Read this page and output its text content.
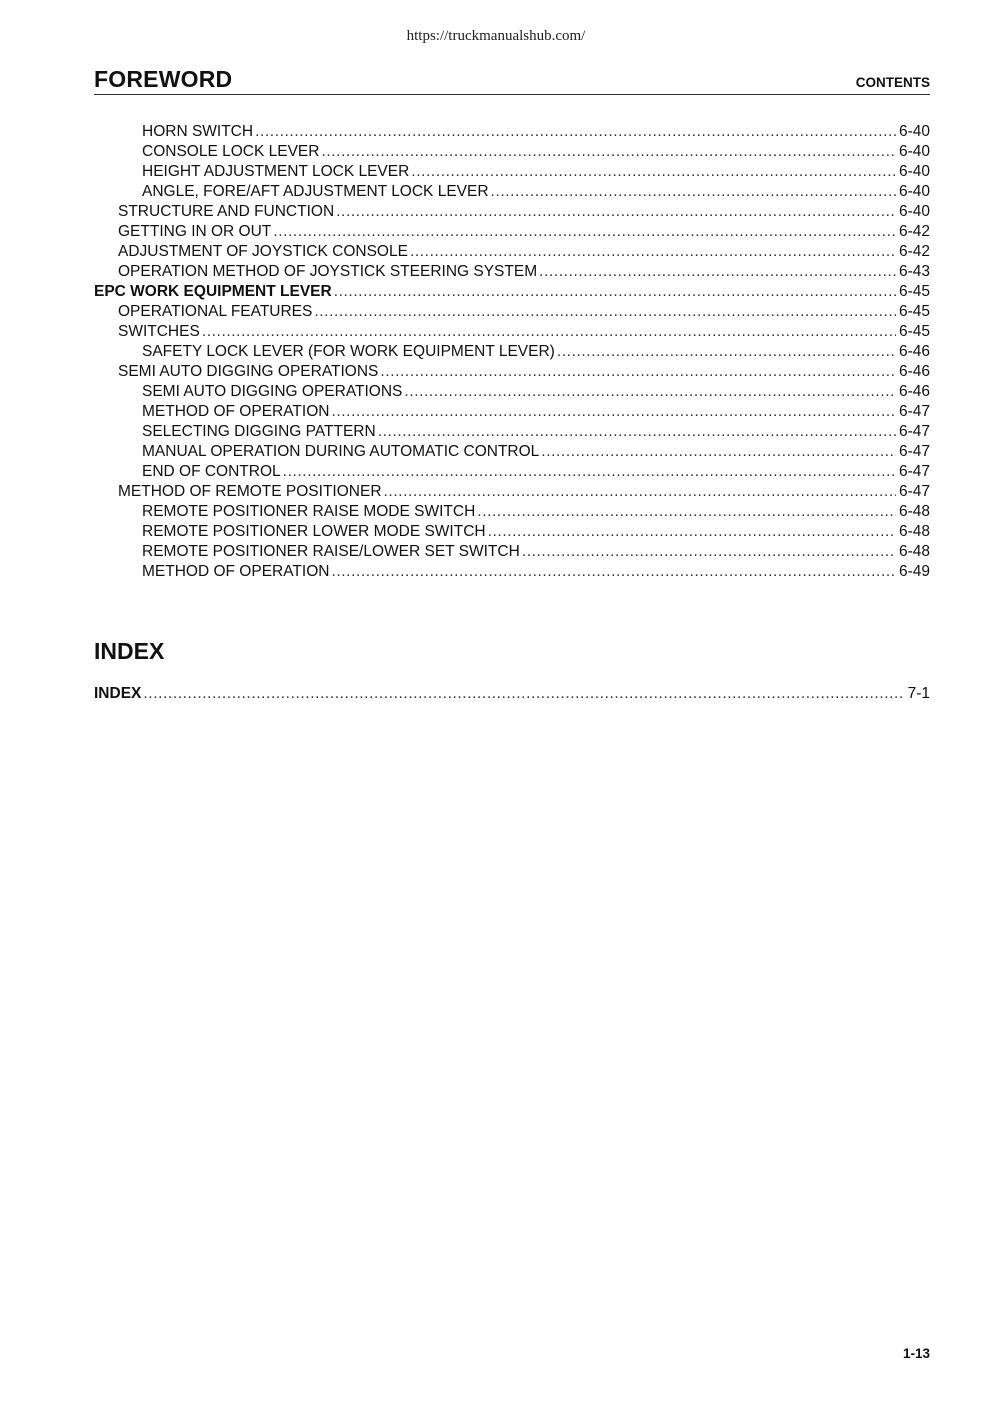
https://truckmanualshub.com/
FOREWORD	CONTENTS
HORN SWITCH .....	6-40
CONSOLE LOCK LEVER .....	6-40
HEIGHT ADJUSTMENT LOCK LEVER .....	6-40
ANGLE, FORE/AFT ADJUSTMENT LOCK LEVER .....	6-40
STRUCTURE AND FUNCTION .....	6-40
GETTING IN OR OUT .....	6-42
ADJUSTMENT OF JOYSTICK CONSOLE .....	6-42
OPERATION METHOD OF JOYSTICK STEERING SYSTEM .....	6-43
EPC WORK EQUIPMENT LEVER .....	6-45
OPERATIONAL FEATURES .....	6-45
SWITCHES .....	6-45
SAFETY LOCK LEVER (FOR WORK EQUIPMENT LEVER) .....	6-46
SEMI AUTO DIGGING OPERATIONS .....	6-46
SEMI AUTO DIGGING OPERATIONS .....	6-46
METHOD OF OPERATION .....	6-47
SELECTING DIGGING PATTERN .....	6-47
MANUAL OPERATION DURING AUTOMATIC CONTROL .....	6-47
END OF CONTROL .....	6-47
METHOD OF REMOTE POSITIONER .....	6-47
REMOTE POSITIONER RAISE MODE SWITCH .....	6-48
REMOTE POSITIONER LOWER MODE SWITCH .....	6-48
REMOTE POSITIONER RAISE/LOWER SET SWITCH .....	6-48
METHOD OF OPERATION .....	6-49
INDEX
INDEX .....	7-1
1-13
